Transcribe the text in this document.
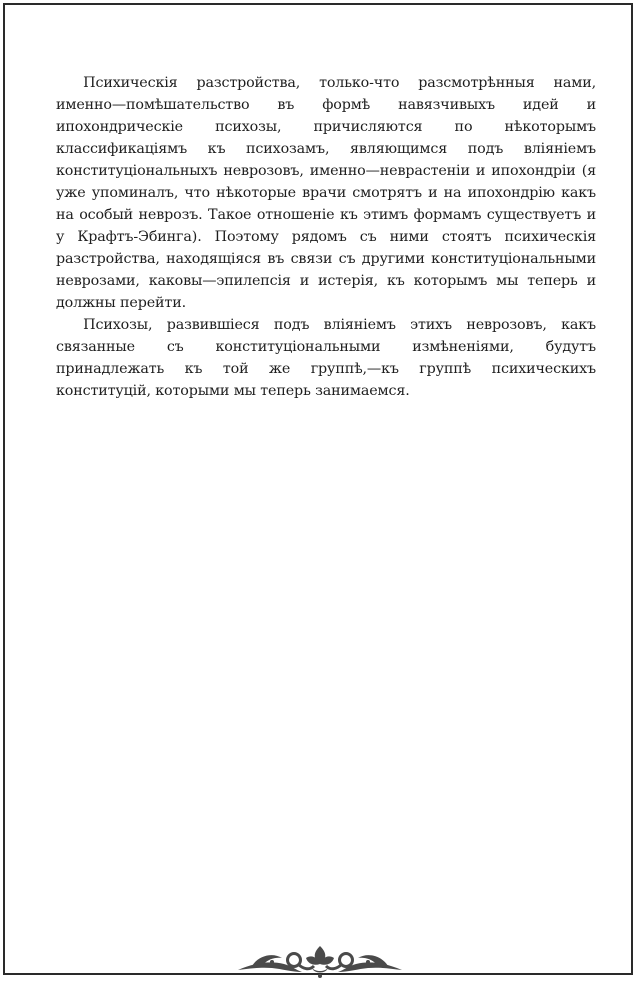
Психическія разстройства, только-что разсмотрѣнныя нами, именно—помѣшательство въ формѣ навязчивыхъ идей и ипохондрическіе психозы, причисляются по нѣкоторымъ классификаціямъ къ психозамъ, являющимся подъ вліяніемъ конституціональныхъ неврозовъ, именно—неврастеніи и ипохондріи (я уже упоминалъ, что нѣкоторые врачи смотрятъ и на ипохондрію какъ на особый неврозъ. Такое отношеніе къ этимъ формамъ существуетъ и у Крафтъ-Эбинга). Поэтому рядомъ съ ними стоятъ психическія разстройства, находящіяся въ связи съ другими конституціональными неврозами, каковы—эпилепсія и истерія, къ которымъ мы теперь и должны перейти.

Психозы, развившіеся подъ вліяніемъ этихъ неврозовъ, какъ связанные съ конституціональными измѣненіями, будутъ принадлежать къ той же группѣ,—къ группѣ психическихъ конституцій, которыми мы теперь занимаемся.
